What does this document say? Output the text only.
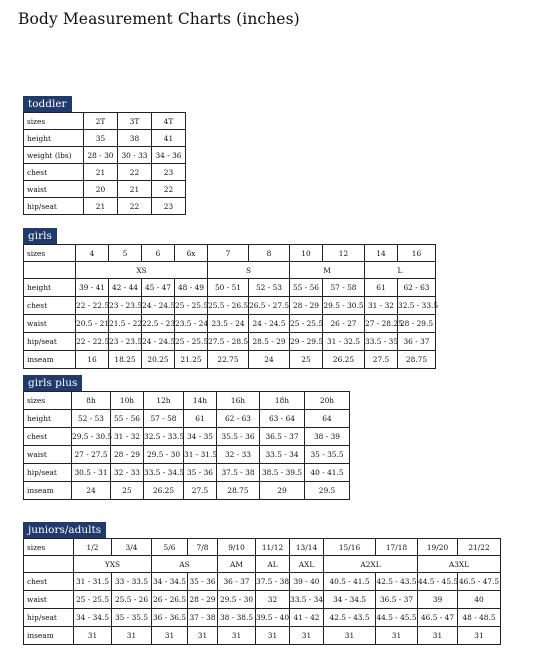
Body Measurement Charts (inches)
toddler
sizes	2T	3T	4T
height	35	38	41
weight (lbs)	28 - 30	30 - 33	34 - 36
chest	21	22	23
waist	20	21	22
hip/seat	21	22	23
girls
sizes	4	5	6	6x	7	8	10	12	14	16
	XS				S		M		L	
height	39 - 41	42 - 44	45 - 47	48 - 49	50 - 51	52 - 53	55 - 56	57 - 58	61	62 - 63
chest	22 - 22.5	23 - 23.5	24 - 24.5	25 - 25.5	25.5 - 26.5	26.5 - 27.5	28 - 29	29.5 - 30.5	31 - 32	32.5 - 33.5
waist	20.5 - 21	21.5 - 22	22.5 - 23	23.5 - 24	23.5 - 24	24 - 24.5	25 - 25.5	26 - 27	27 - 28.25	28 - 29.5
hip/seat	22 - 22.5	23 - 23.5	24 - 24.5	25 - 25.5	27.5 - 28.5	28.5 - 29	29 - 29.5	31 - 32.5	33.5 - 35	36 - 37
inseam	16	18.25	20.25	21.25	22.75	24	25	26.25	27.5	28.75
girls plus
sizes	8h	10h	12h	14h	16h	18h	20h
height	52 - 53	55 - 56	57 - 58	61	62 - 63	63 - 64	64
chest	29.5 - 30.5	31 - 32	32.5 - 33.5	34 - 35	35.5 - 36	36.5 - 37	38 - 39
waist	27 - 27.5	28 - 29	29.5 - 30	31 - 31.5	32 - 33	33.5 - 34	35 - 35.5
hip/seat	30.5 - 31	32 - 33	33.5 - 34.5	35 - 36	37.5 - 38	38.5 - 39.5	40 - 41.5
inseam	24	25	26.25	27.5	28.75	29	29.5
juniors/adults
sizes	1/2	3/4	5/6	7/8	9/10	11/12	13/14	15/16	17/18	19/20	21/22
	YXS		AS		AM	AL	AXL	A2XL		A3XL	
chest	31 - 31.5	33 - 33.5	34 - 34.5	35 - 36	36 - 37	37.5 - 38	39 - 40	40.5 - 41.5	42.5 - 43.5	44.5 - 45.5	46.5 - 47.5
waist	25 - 25.5	25.5 - 26	26 - 26.5	28 - 29	29.5 - 30	32	33.5 - 34	34 - 34.5	36.5 - 37	39	40
hip/seat	34 - 34.5	35 - 35.5	36 - 36.5	37 - 38	38 - 38.5	39.5 - 40	41 - 42	42.5 - 43.5	44.5 - 45.5	46.5 - 47	48 - 48.5
inseam	31	31	31	31	31	31	31	31	31	31	31
